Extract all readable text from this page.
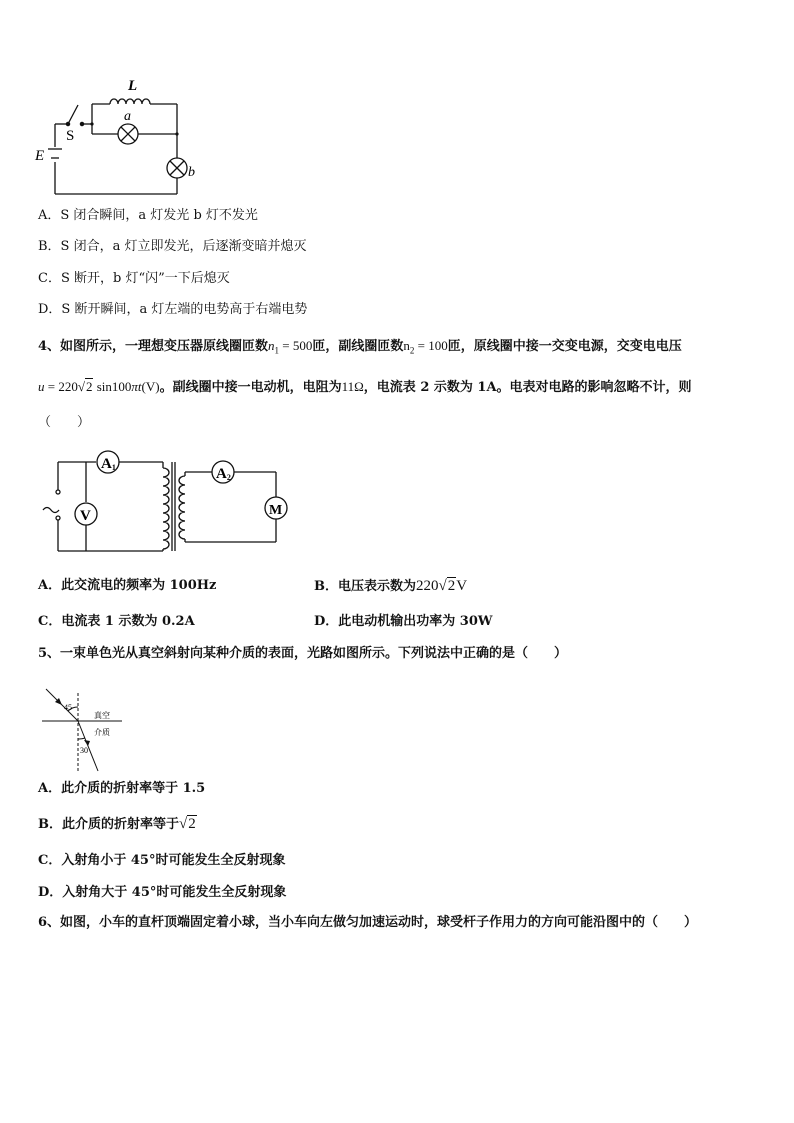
L
S
E
a
b
A．S 闭合瞬间，a 灯发光 b 灯不发光
B．S 闭合，a 灯立即发光，后逐渐变暗并熄灭
C．S 断开，b 灯“闪”一下后熄灭
D．S 断开瞬间，a 灯左端的电势高于右端电势
4、如图所示，一理想变压器原线圈匝数$n_1 = 500$匝，副线圈匝数$n_2 = 100$匝，原线圈中接一交变电源，交变电电压
u = 220√2 sin100πt(V)。副线圈中接一电动机，电阻为11Ω，电流表 2 示数为 1A。电表对电路的影响忽略不计，则
（　　）
A1
V
A2
M
A．此交流电的频率为 100Hz	B．电压表示数为220√2V
C．电流表 1 示数为 0.2A	D．此电动机输出功率为 30W
5、一束单色光从真空斜射向某种介质的表面，光路如图所示。下列说法中正确的是（　　）
45
30
真空
介质
A．此介质的折射率等于 1.5
B．此介质的折射率等于√2
C．入射角小于 45°时可能发生全反射现象
D．入射角大于 45°时可能发生全反射现象
6、如图，小车的直杆顶端固定着小球，当小车向左做匀加速运动时，球受杆子作用力的方向可能沿图中的（　　）
